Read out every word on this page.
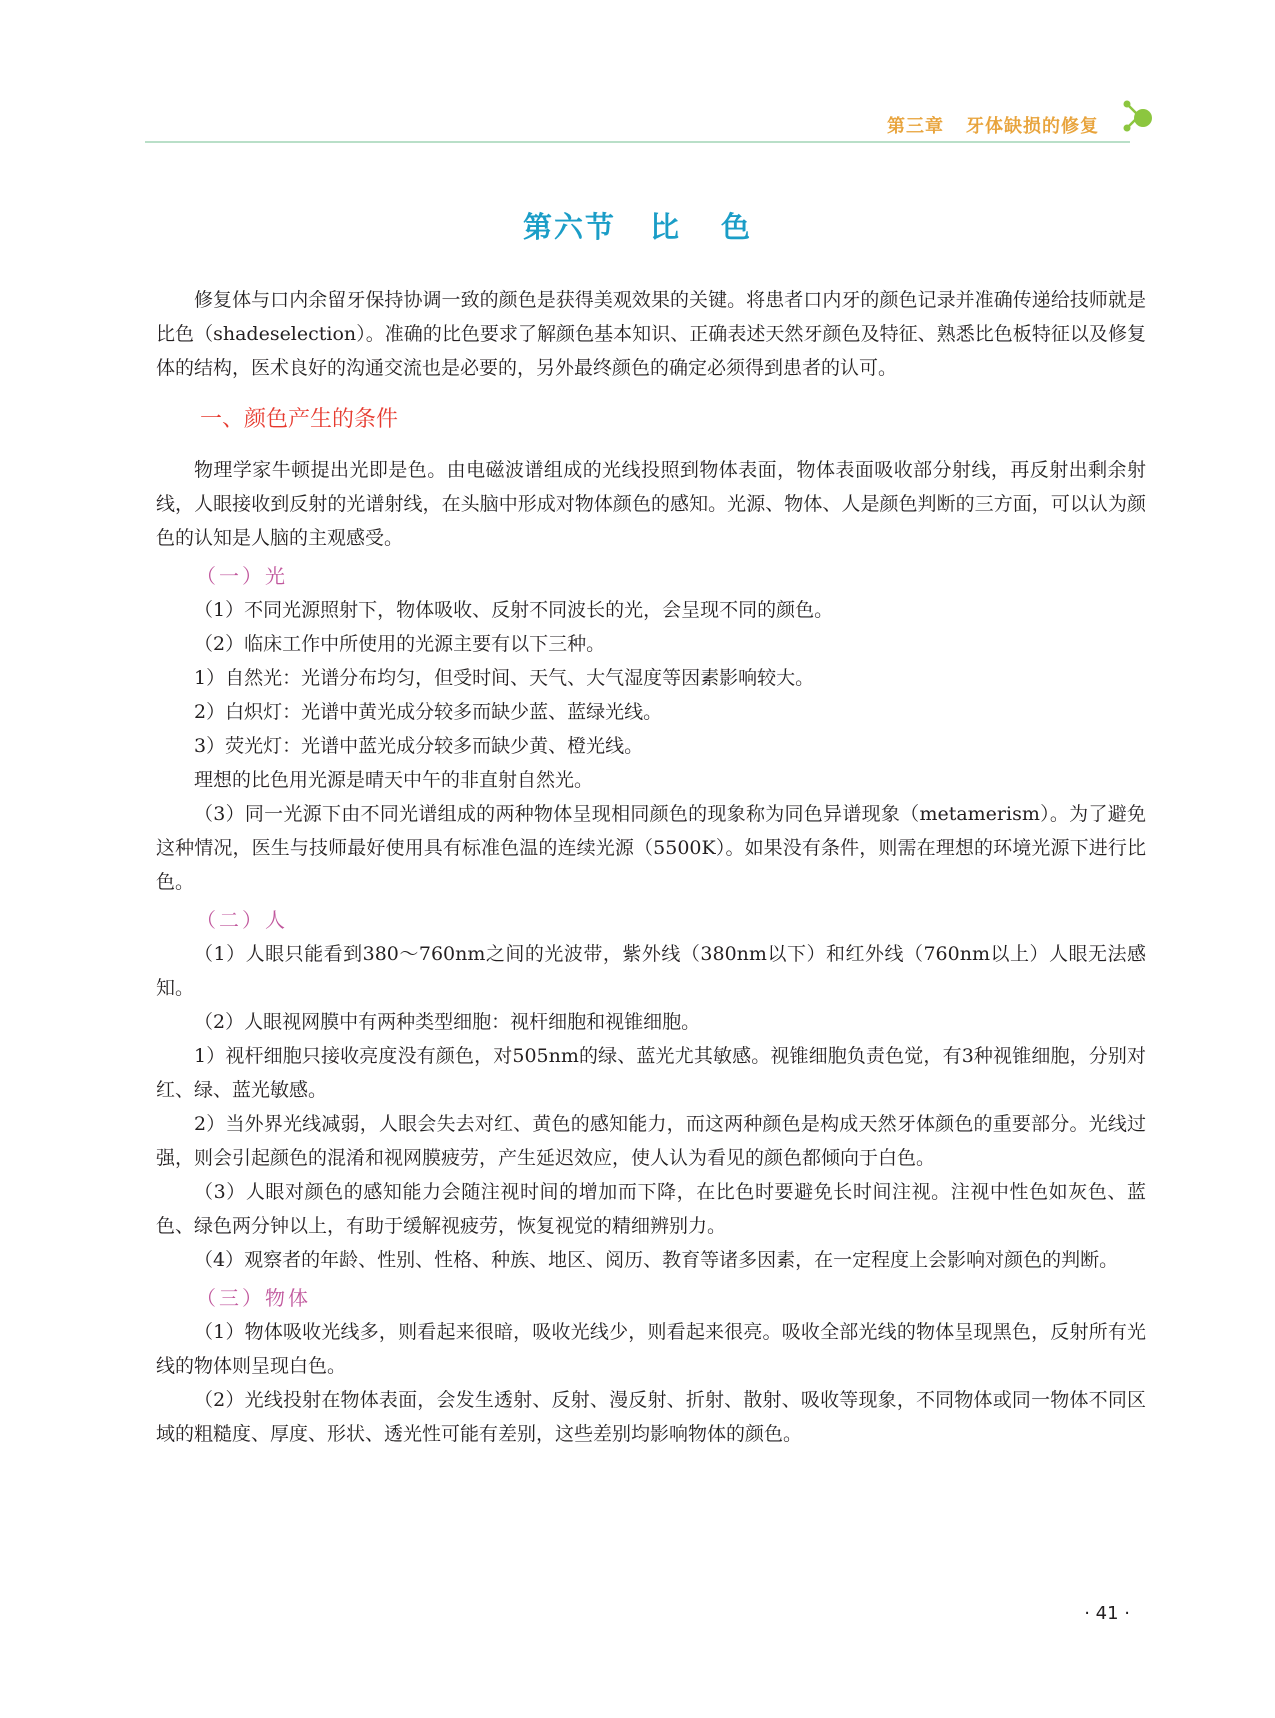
第三章 牙体缺损的修复
第六节 比 色

修复体与口内余留牙保持协调一致的颜色是获得美观效果的关键。将患者口内牙的颜色记录并准确传递给技师就是比色（shadeselection）。准确的比色要求了解颜色基本知识、正确表述天然牙颜色及特征、熟悉比色板特征以及修复体的结构，医术良好的沟通交流也是必要的，另外最终颜色的确定必须得到患者的认可。

一、颜色产生的条件

物理学家牛顿提出光即是色。由电磁波谱组成的光线投照到物体表面，物体表面吸收部分射线，再反射出剩余射线，人眼接收到反射的光谱射线，在头脑中形成对物体颜色的感知。光源、物体、人是颜色判断的三方面，可以认为颜色的认知是人脑的主观感受。

（一）光

（1）不同光源照射下，物体吸收、反射不同波长的光，会呈现不同的颜色。

（2）临床工作中所使用的光源主要有以下三种。

1）自然光：光谱分布均匀，但受时间、天气、大气湿度等因素影响较大。

2）白炽灯：光谱中黄光成分较多而缺少蓝、蓝绿光线。

3）荧光灯：光谱中蓝光成分较多而缺少黄、橙光线。

理想的比色用光源是晴天中午的非直射自然光。

（3）同一光源下由不同光谱组成的两种物体呈现相同颜色的现象称为同色异谱现象（metamerism）。为了避免这种情况，医生与技师最好使用具有标准色温的连续光源（5500K）。如果没有条件，则需在理想的环境光源下进行比色。

（二）人

（1）人眼只能看到380～760nm之间的光波带，紫外线（380nm以下）和红外线（760nm以上）人眼无法感知。

（2）人眼视网膜中有两种类型细胞：视杆细胞和视锥细胞。

1）视杆细胞只接收亮度没有颜色，对505nm的绿、蓝光尤其敏感。视锥细胞负责色觉，有3种视锥细胞，分别对红、绿、蓝光敏感。

2）当外界光线减弱，人眼会失去对红、黄色的感知能力，而这两种颜色是构成天然牙体颜色的重要部分。光线过强，则会引起颜色的混淆和视网膜疲劳，产生延迟效应，使人认为看见的颜色都倾向于白色。

（3）人眼对颜色的感知能力会随注视时间的增加而下降，在比色时要避免长时间注视。注视中性色如灰色、蓝色、绿色两分钟以上，有助于缓解视疲劳，恢复视觉的精细辨别力。

（4）观察者的年龄、性别、性格、种族、地区、阅历、教育等诸多因素，在一定程度上会影响对颜色的判断。

（三）物体

（1）物体吸收光线多，则看起来很暗，吸收光线少，则看起来很亮。吸收全部光线的物体呈现黑色，反射所有光线的物体则呈现白色。

（2）光线投射在物体表面，会发生透射、反射、漫反射、折射、散射、吸收等现象，不同物体或同一物体不同区域的粗糙度、厚度、形状、透光性可能有差别，这些差别均影响物体的颜色。

· 41 ·
